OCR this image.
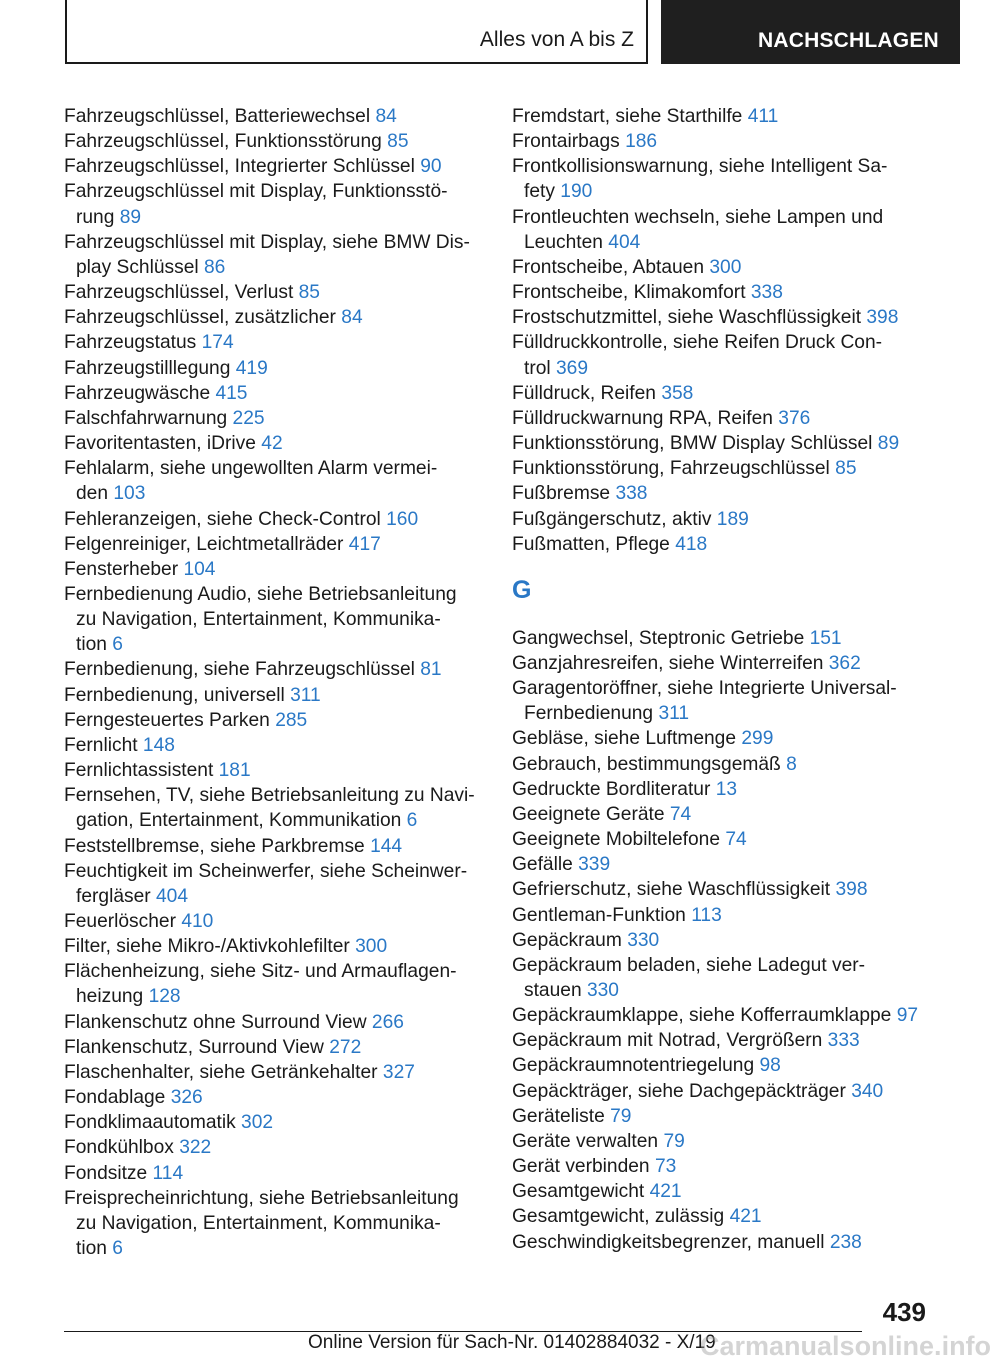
Alles von A bis Z	NACHSCHLAGEN
Fahrzeugschlüssel, Batteriewechsel 84
Fahrzeugschlüssel, Funktionsstörung 85
Fahrzeugschlüssel, Integrierter Schlüssel 90
Fahrzeugschlüssel mit Display, Funktionsstö-
rung 89
Fahrzeugschlüssel mit Display, siehe BMW Dis-
play Schlüssel 86
Fahrzeugschlüssel, Verlust 85
Fahrzeugschlüssel, zusätzlicher 84
Fahrzeugstatus 174
Fahrzeugstilllegung 419
Fahrzeugwäsche 415
Falschfahrwarnung 225
Favoritentasten, iDrive 42
Fehlalarm, siehe ungewollten Alarm vermei-
den 103
Fehleranzeigen, siehe Check-Control 160
Felgenreiniger, Leichtmetallräder 417
Fensterheber 104
Fernbedienung Audio, siehe Betriebsanleitung
zu Navigation, Entertainment, Kommunika-
tion 6
Fernbedienung, siehe Fahrzeugschlüssel 81
Fernbedienung, universell 311
Ferngesteuertes Parken 285
Fernlicht 148
Fernlichtassistent 181
Fernsehen, TV, siehe Betriebsanleitung zu Navi-
gation, Entertainment, Kommunikation 6
Feststellbremse, siehe Parkbremse 144
Feuchtigkeit im Scheinwerfer, siehe Scheinwer-
fergläser 404
Feuerlöscher 410
Filter, siehe Mikro-/Aktivkohlefilter 300
Flächenheizung, siehe Sitz- und Armauflagen-
heizung 128
Flankenschutz ohne Surround View 266
Flankenschutz, Surround View 272
Flaschenhalter, siehe Getränkehalter 327
Fondablage 326
Fondklimaautomatik 302
Fondkühlbox 322
Fondsitze 114
Freisprecheinrichtung, siehe Betriebsanleitung
zu Navigation, Entertainment, Kommunika-
tion 6
Fremdstart, siehe Starthilfe 411
Frontairbags 186
Frontkollisionswarnung, siehe Intelligent Sa-
fety 190
Frontleuchten wechseln, siehe Lampen und
Leuchten 404
Frontscheibe, Abtauen 300
Frontscheibe, Klimakomfort 338
Frostschutzmittel, siehe Waschflüssigkeit 398
Fülldruckkontrolle, siehe Reifen Druck Con-
trol 369
Fülldruck, Reifen 358
Fülldruckwarnung RPA, Reifen 376
Funktionsstörung, BMW Display Schlüssel 89
Funktionsstörung, Fahrzeugschlüssel 85
Fußbremse 338
Fußgängerschutz, aktiv 189
Fußmatten, Pflege 418
G
Gangwechsel, Steptronic Getriebe 151
Ganzjahresreifen, siehe Winterreifen 362
Garagentoröffner, siehe Integrierte Universal-
Fernbedienung 311
Gebläse, siehe Luftmenge 299
Gebrauch, bestimmungsgemäß 8
Gedruckte Bordliteratur 13
Geeignete Geräte 74
Geeignete Mobiltelefone 74
Gefälle 339
Gefrierschutz, siehe Waschflüssigkeit 398
Gentleman-Funktion 113
Gepäckraum 330
Gepäckraum beladen, siehe Ladegut ver-
stauen 330
Gepäckraumklappe, siehe Kofferraumklappe 97
Gepäckraum mit Notrad, Vergrößern 333
Gepäckraumnotentriegelung 98
Gepäckträger, siehe Dachgepäckträger 340
Geräteliste 79
Geräte verwalten 79
Gerät verbinden 73
Gesamtgewicht 421
Gesamtgewicht, zulässig 421
Geschwindigkeitsbegrenzer, manuell 238
439
Online Version für Sach-Nr. 01402884032 - X/19
Carmanualsonline.info
